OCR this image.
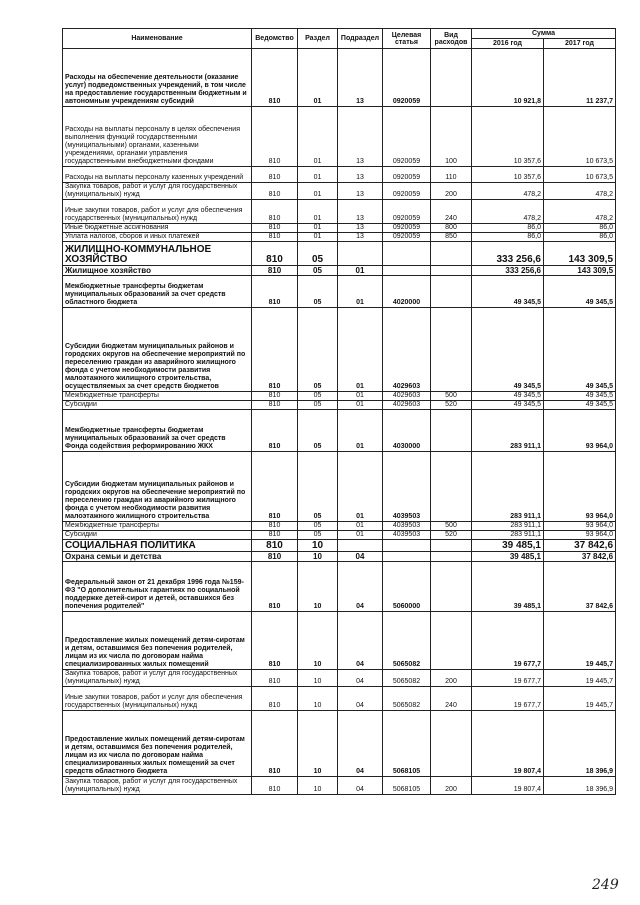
Наименование	Ведомство	Раздел	Подраздел	Целевая статья	Вид расходов	Сумма	
						2016 год	2017 год
Расходы на обеспечение деятельности (оказание услуг) подведомственных учреждений, в том числе на предоставление государственным бюджетным и автономным учреждениям субсидий	810	01	13	0920059		10 921,8	11 237,7
Расходы на выплаты персоналу в целях обеспечения выполнения функций государственными (муниципальными) органами, казенными учреждениями, органами управления государственными внебюджетными фондами	810	01	13	0920059	100	10 357,6	10 673,5
Расходы на выплаты персоналу казенных учреждений	810	01	13	0920059	110	10 357,6	10 673,5
Закупка товаров, работ и услуг для государственных (муниципальных) нужд	810	01	13	0920059	200	478,2	478,2
Иные закупки товаров, работ и услуг для обеспечения государственных (муниципальных) нужд	810	01	13	0920059	240	478,2	478,2
Иные бюджетные ассигнования	810	01	13	0920059	800	86,0	86,0
Уплата налогов, сборов и иных платежей	810	01	13	0920059	850	86,0	86,0
ЖИЛИЩНО-КОММУНАЛЬНОЕ ХОЗЯЙСТВО	810	05				333 256,6	143 309,5
Жилищное хозяйство	810	05	01			333 256,6	143 309,5
Межбюджетные трансферты бюджетам муниципальных образований за счет средств областного бюджета	810	05	01	4020000		49 345,5	49 345,5
Субсидии бюджетам муниципальных районов и городских округов на обеспечение мероприятий по переселению граждан из аварийного жилищного фонда с учетом необходимости развития малоэтажного жилищного строительства, осуществляемых за счет средств бюджетов	810	05	01	4029603		49 345,5	49 345,5
Межбюджетные трансферты	810	05	01	4029603	500	49 345,5	49 345,5
Субсидии	810	05	01	4029603	520	49 345,5	49 345,5
Межбюджетные трансферты бюджетам муниципальных образований за счет средств Фонда содействия реформированию ЖКХ	810	05	01	4030000		283 911,1	93 964,0
Субсидии бюджетам муниципальных районов и городских округов на обеспечение мероприятий по переселению граждан из аварийного жилищного фонда с учетом необходимости развития малоэтажного жилищного строительства	810	05	01	4039503		283 911,1	93 964,0
Межбюджетные трансферты	810	05	01	4039503	500	283 911,1	93 964,0
Субсидии	810	05	01	4039503	520	283 911,1	93 964,0
СОЦИАЛЬНАЯ ПОЛИТИКА	810	10				39 485,1	37 842,6
Охрана семьи и детства	810	10	04			39 485,1	37 842,6
Федеральный закон от 21 декабря 1996 года №159-ФЗ "О дополнительных гарантиях по социальной поддержке детей-сирот и детей, оставшихся без попечения родителей"	810	10	04	5060000		39 485,1	37 842,6
Предоставление жилых помещений детям-сиротам и детям, оставшимся без попечения родителей, лицам из их числа по договорам найма специализированных жилых помещений	810	10	04	5065082		19 677,7	19 445,7
Закупка товаров, работ и услуг для государственных (муниципальных) нужд	810	10	04	5065082	200	19 677,7	19 445,7
Иные закупки товаров, работ и услуг для обеспечения государственных (муниципальных) нужд	810	10	04	5065082	240	19 677,7	19 445,7
Предоставление жилых помещений детям-сиротам и детям, оставшимся без попечения родителей, лицам из их числа по договорам найма специализированных жилых помещений за счет средств областного бюджета	810	10	04	5068105		19 807,4	18 396,9
Закупка товаров, работ и услуг для государственных (муниципальных) нужд	810	10	04	5068105	200	19 807,4	18 396,9
249
